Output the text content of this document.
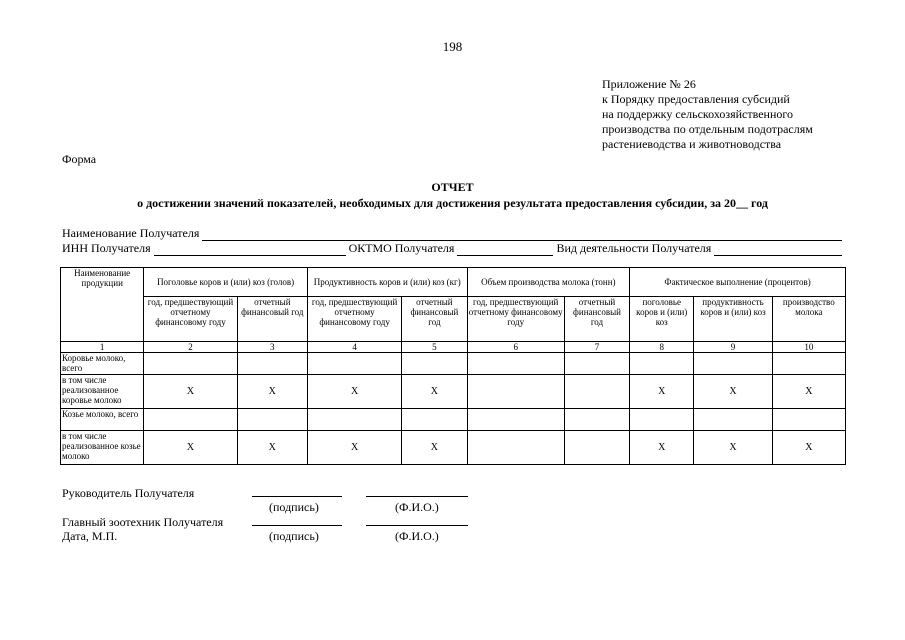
198
Приложение № 26
к Порядку предоставления субсидий
на поддержку сельскохозяйственного
производства по отдельным подотраслям
растениеводства и животноводства
Форма
ОТЧЕТ
о достижении значений показателей, необходимых для достижения результата предоставления субсидии, за 20__ год
Наименование Получателя
ИНН Получателя	ОКТМО Получателя	Вид деятельности Получателя
Наименование продукции	Поголовье коров и (или) коз (голов)		Продуктивность коров и (или) коз (кг)		Объем производства молока (тонн)		Фактическое выполнение (процентов)		
	год, предшествующий отчетному финансовому году	отчетный финансовый год	год, предшествующий отчетному финансовому году	отчетный финансовый год	год, предшествующий отчетному финансовому году	отчетный финансовый год	поголовье коров и (или) коз	продуктивность коров и (или) коз	производство молока
1	2	3	4	5	6	7	8	9	10
Коровье молоко, всего									
в том числе реализованное коровье молоко	X	X	X	X			X	X	X
Козье молоко, всего									
в том числе реализованное козье молоко	X	X	X	X			X	X	X
Руководитель Получателя
(подпись)	(Ф.И.О.)
Главный зоотехник Получателя
Дата, М.П.	(подпись)	(Ф.И.О.)
